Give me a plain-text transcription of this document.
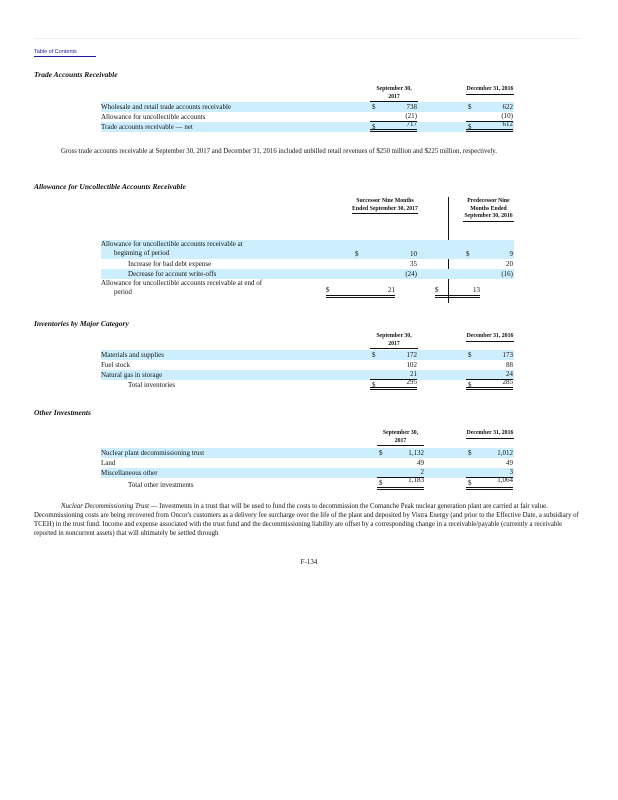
Table of Contents
Trade Accounts Receivable
September 30, 2017
December 31, 2016
Wholesale and retail trade accounts receivable	$	738	$	622
Allowance for uncollectible accounts	(21)	(10)
Trade accounts receivable — net	$	717	$	612
Gross trade accounts receivable at September 30, 2017 and December 31, 2016 included unbilled retail revenues of $250 million and $225 million, respectively.
Allowance for Uncollectible Accounts Receivable
Successor Nine Months Ended September 30, 2017
Predecessor Nine Months Ended September 30, 2016
Allowance for uncollectible accounts receivable at
beginning of period	$	10	$	9
Increase for bad debt expense	35	20
Decrease for account write-offs	(24)	(16)
Allowance for uncollectible accounts receivable at end of
period	$	21	$	13
Inventories by Major Category
September 30, 2017
December 31, 2016
Materials and supplies	$	172	$	173
Fuel stock	102	88
Natural gas in storage	21	24
Total inventories	$	295	$	285
Other Investments
September 30, 2017
December 31, 2016
Nuclear plant decommissioning trust	$	1,132	$	1,012
Land	49	49
Miscellaneous other	2	3
Total other investments	$	1,183	$	1,064
Nuclear Decommissioning Trust — Investments in a trust that will be used to fund the costs to decommission the Comanche Peak nuclear generation plant are carried at fair value. Decommissioning costs are being recovered from Oncor's customers as a delivery fee surcharge over the life of the plant and deposited by Vistra Energy (and prior to the Effective Date, a subsidiary of TCEH) in the trust fund. Income and expense associated with the trust fund and the decommissioning liability are offset by a corresponding change in a receivable/payable (currently a receivable reported in noncurrent assets) that will ultimately be settled through
F-134
